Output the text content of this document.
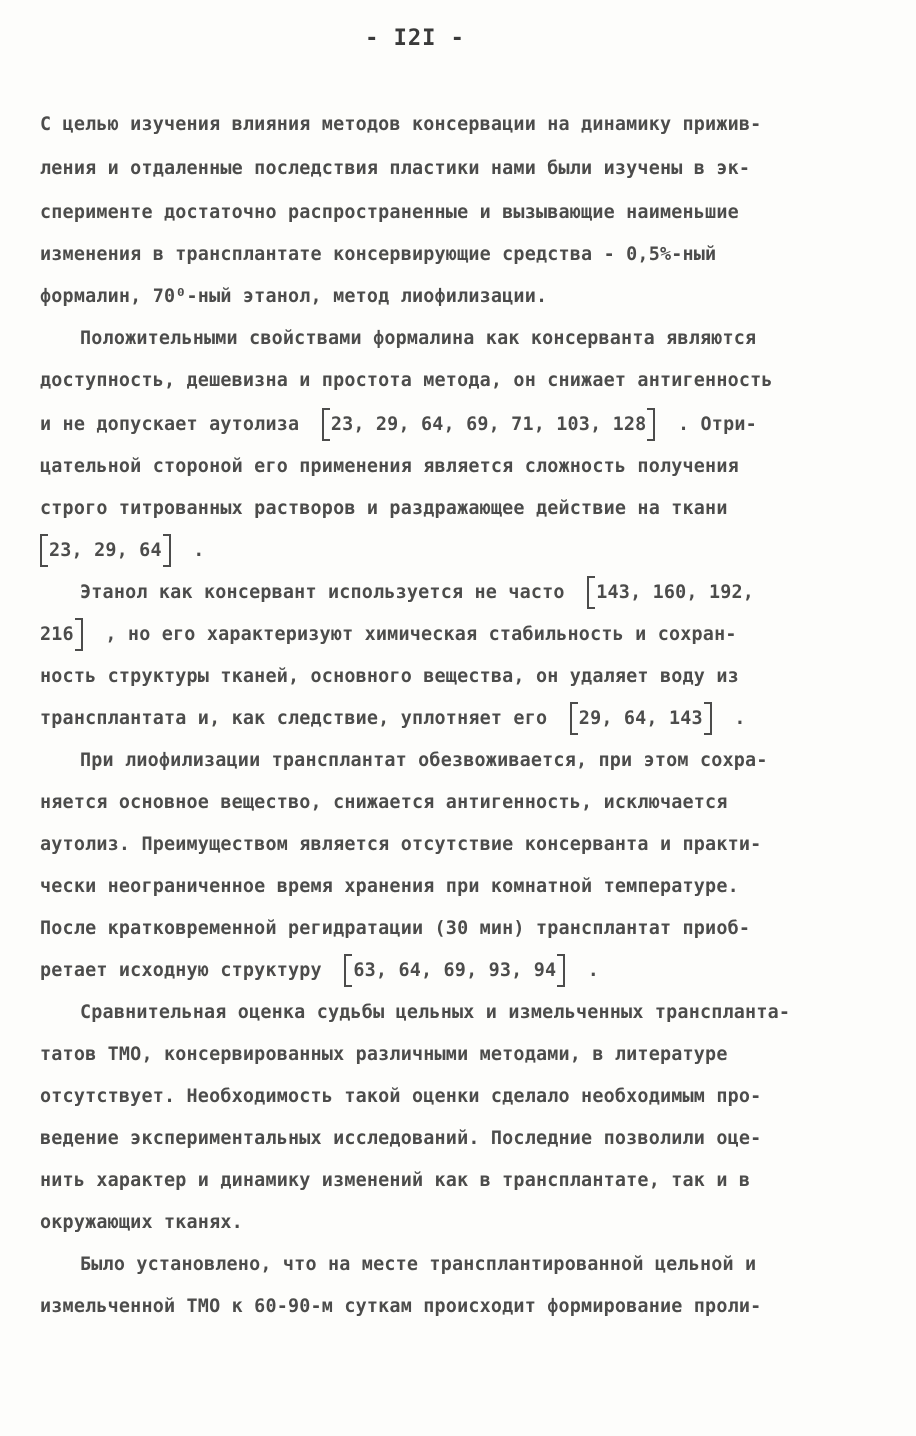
- I2I -
С целью изучения влияния методов консервации на динамику прижив-
ления и отдаленные последствия пластики нами были изучены в эк-
сперименте достаточно распространенные и вызывающие наименьшие
изменения в трансплантате консервирующие средства - 0,5%-ный
формалин, 70⁰-ный этанол, метод лиофилизации.
Положительными свойствами формалина как консерванта являются
доступность, дешевизна и простота метода, он снижает антигенность
и не допускает аутолиза  23, 29, 64, 69, 71, 103, 128  . Отри-
цательной стороной его применения является сложность получения
строго титрованных растворов и раздражающее действие на ткани
23, 29, 64  .
Этанол как консервант используется не часто  143, 160, 192,
216  , но его характеризуют химическая стабильность и сохран-
ность структуры тканей, основного вещества, он удаляет воду из
трансплантата и, как следствие, уплотняет его  29, 64, 143  .
При лиофилизации трансплантат обезвоживается, при этом сохра-
няется основное вещество, снижается антигенность, исключается
аутолиз. Преимуществом является отсутствие консерванта и практи-
чески неограниченное время хранения при комнатной температуре.
После кратковременной регидратации (30 мин) трансплантат приоб-
ретает исходную структуру  63, 64, 69, 93, 94  .
Сравнительная оценка судьбы цельных и измельченных транспланта-
татов ТМО, консервированных различными методами, в литературе
отсутствует. Необходимость такой оценки сделало необходимым про-
ведение экспериментальных исследований. Последние позволили оце-
нить характер и динамику изменений как в трансплантате, так и в
окружающих тканях.
Было установлено, что на месте трансплантированной цельной и
измельченной ТМО к 60-90-м суткам происходит формирование проли-
